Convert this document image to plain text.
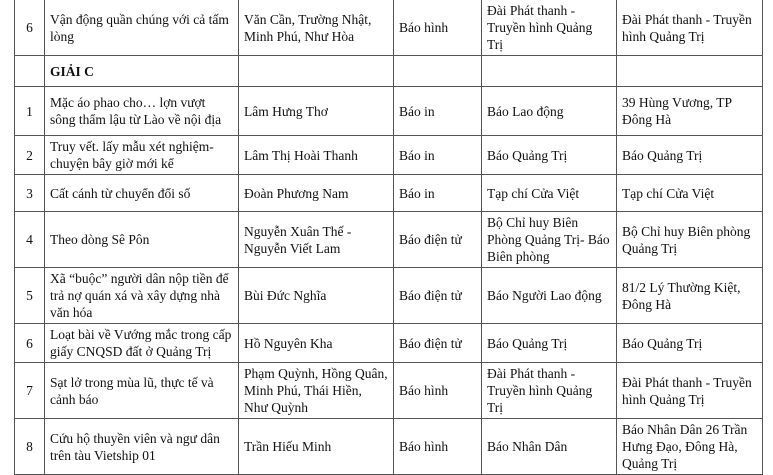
6	Vận động quần chúng với cả tấm lòng	Văn Cần, Trường Nhật, Minh Phú, Như Hòa	Báo hình	Đài Phát thanh - Truyền hình Quảng Trị	Đài Phát thanh - Truyền hình Quảng Trị
	GIẢI C				
1	Mặc áo phao cho… lợn vượt sông thẩm lậu từ Lào về nội địa	Lâm Hưng Thơ	Báo in	Báo Lao động	39 Hùng Vương, TP Đông Hà
2	Truy vết. lấy mẫu xét nghiệm-chuyện bây giờ mới kể	Lâm Thị Hoài Thanh	Báo in	Báo Quảng Trị	Báo Quảng Trị
3	Cất cánh từ chuyển đổi số	Đoàn Phương Nam	Báo in	Tạp chí Cửa Việt	Tạp chí Cửa Việt
4	Theo dòng Sê Pôn	Nguyễn Xuân Thế - Nguyễn Viết Lam	Báo điện tử	Bộ Chỉ huy Biên Phòng Quảng Trị- Báo Biên phòng	Bộ Chỉ huy Biên phòng Quảng Trị
5	Xã “buộc” người dân nộp tiền để trả nợ quán xá và xây dựng nhà văn hóa	Bùi Đức Nghĩa	Báo điện tử	Báo Người Lao động	81/2 Lý Thường Kiệt, Đông Hà
6	Loạt bài về Vướng mắc trong cấp giấy CNQSD đất ở Quảng Trị	Hồ Nguyên Kha	Báo điện tử	Báo Quảng Trị	Báo Quảng Trị
7	Sạt lở trong mùa lũ, thực tế và cảnh báo	Phạm Quỳnh, Hồng Quân, Minh Phú, Thái Hiền, Như Quỳnh	Báo hình	Đài Phát thanh - Truyền hình Quảng Trị	Đài Phát thanh - Truyền hình Quảng Trị
8	Cứu hộ thuyền viên và ngư dân trên tàu Vietship 01	Trần Hiếu Minh	Báo hình	Báo Nhân Dân	Báo Nhân Dân 26 Trần Hưng Đạo, Đông Hà, Quảng Trị
